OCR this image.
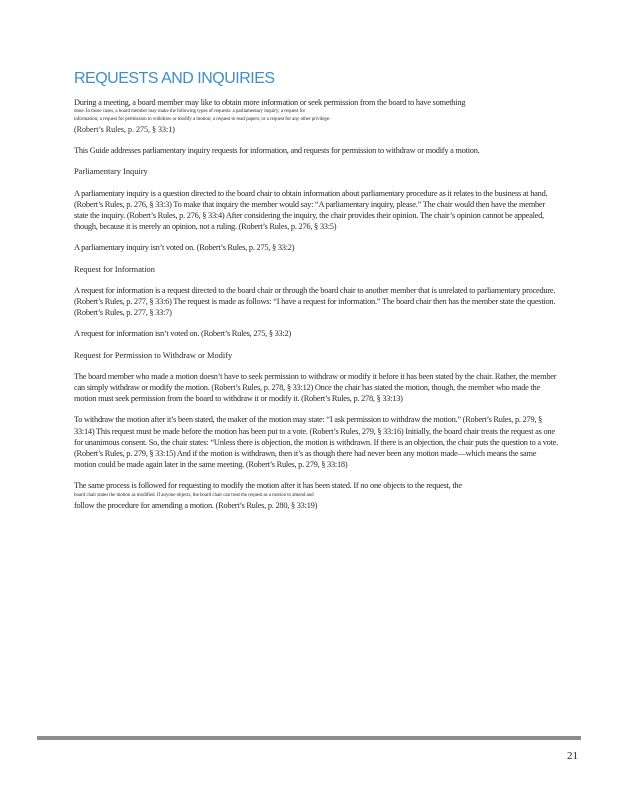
REQUESTS AND INQUIRIES

During a meeting, a board member may like to obtain more information or seek permission from the board to have something

done. In those cases, a board member may make the following types of requests: a parliamentary inquiry; a request for

information; a request for permission to withdraw or modify a motion; a request to read papers; or a request for any other privilege.

(Robert’s Rules, p. 275, § 33:1)

This Guide addresses parliamentary inquiry requests for information, and requests for permission to withdraw or modify a motion.

Parliamentary Inquiry

A parliamentary inquiry is a question directed to the board chair to obtain information about parliamentary procedure as it relates to the business at hand. (Robert’s Rules, p. 276, § 33:3) To make that inquiry the member would say: “A parliamentary inquiry, please.” The chair would then have the member state the inquiry. (Robert’s Rules, p. 276, § 33:4) After considering the inquiry, the chair provides their opinion. The chair’s opinion cannot be appealed, though, because it is merely an opinion, not a ruling. (Robert’s Rules, p. 276, § 33:5)

A parliamentary inquiry isn’t voted on. (Robert’s Rules, p. 275, § 33:2)

Request for Information

A request for information is a request directed to the board chair or through the board chair to another member that is unrelated to parliamentary procedure. (Robert’s Rules, p. 277, § 33:6) The request is made as follows: “I have a request for information.” The board chair then has the member state the question. (Robert’s Rules, p. 277, § 33:7)

A request for information isn’t voted on. (Robert’s Rules, 275, § 33:2)

Request for Permission to Withdraw or Modify

The board member who made a motion doesn’t have to seek permission to withdraw or modify it before it has been stated by the chair. Rather, the member can simply withdraw or modify the motion. (Robert’s Rules, p. 278, § 33:12) Once the chair has stated the motion, though, the member who made the motion must seek permission from the board to withdraw it or modify it. (Robert’s Rules, p. 278, § 33:13)

To withdraw the motion after it’s been stated, the maker of the motion may state: “I ask permission to withdraw the motion.” (Robert’s Rules, p. 279, § 33:14) This request must be made before the motion has been put to a vote. (Robert’s Rules, 279, § 33:16) Initially, the board chair treats the request as one for unanimous consent. So, the chair states: “Unless there is objection, the motion is withdrawn. If there is an objection, the chair puts the question to a vote. (Robert’s Rules, p. 279, § 33:15) And if the motion is withdrawn, then it’s as though there had never been any motion made—which means the same motion could be made again later in the same meeting. (Robert’s Rules, p. 279, § 33:18)

The same process is followed for requesting to modify the motion after it has been stated. If no one objects to the request, the

board chair states the motion as modified. If anyone objects, the board chair can treat the request as a motion to amend and

follow the procedure for amending a motion. (Robert’s Rules, p. 280, § 33:19)

21
